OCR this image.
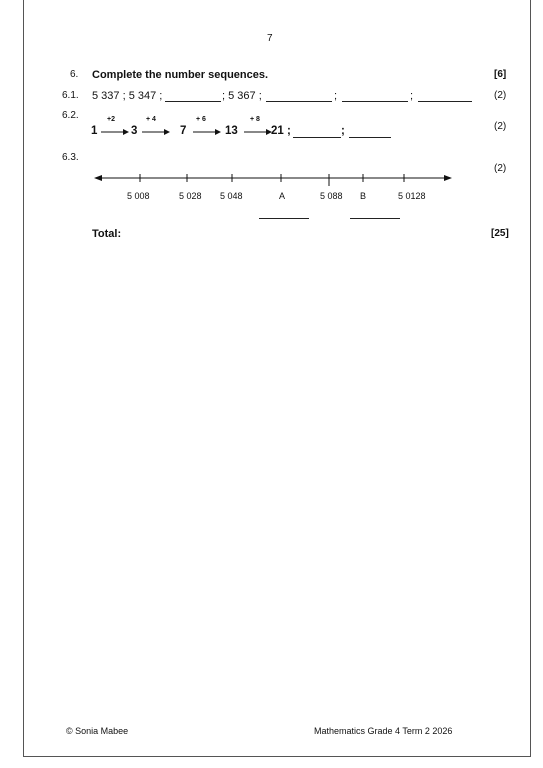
7
6. Complete the number sequences.	[6]
6.1. 5 337 ; 5 347 ;	; 5 367 ;	;	;	(2)
6.2.
(2)
1
+2
3
+ 4
7
+ 6
13
+ 8
21 ;	;
6.3.
(2)
5 008	5 028 5 048	A	5 088 B	5 0128
Total:	[25]
© Sonia Mabee	Mathematics Grade 4 Term 2 2026
